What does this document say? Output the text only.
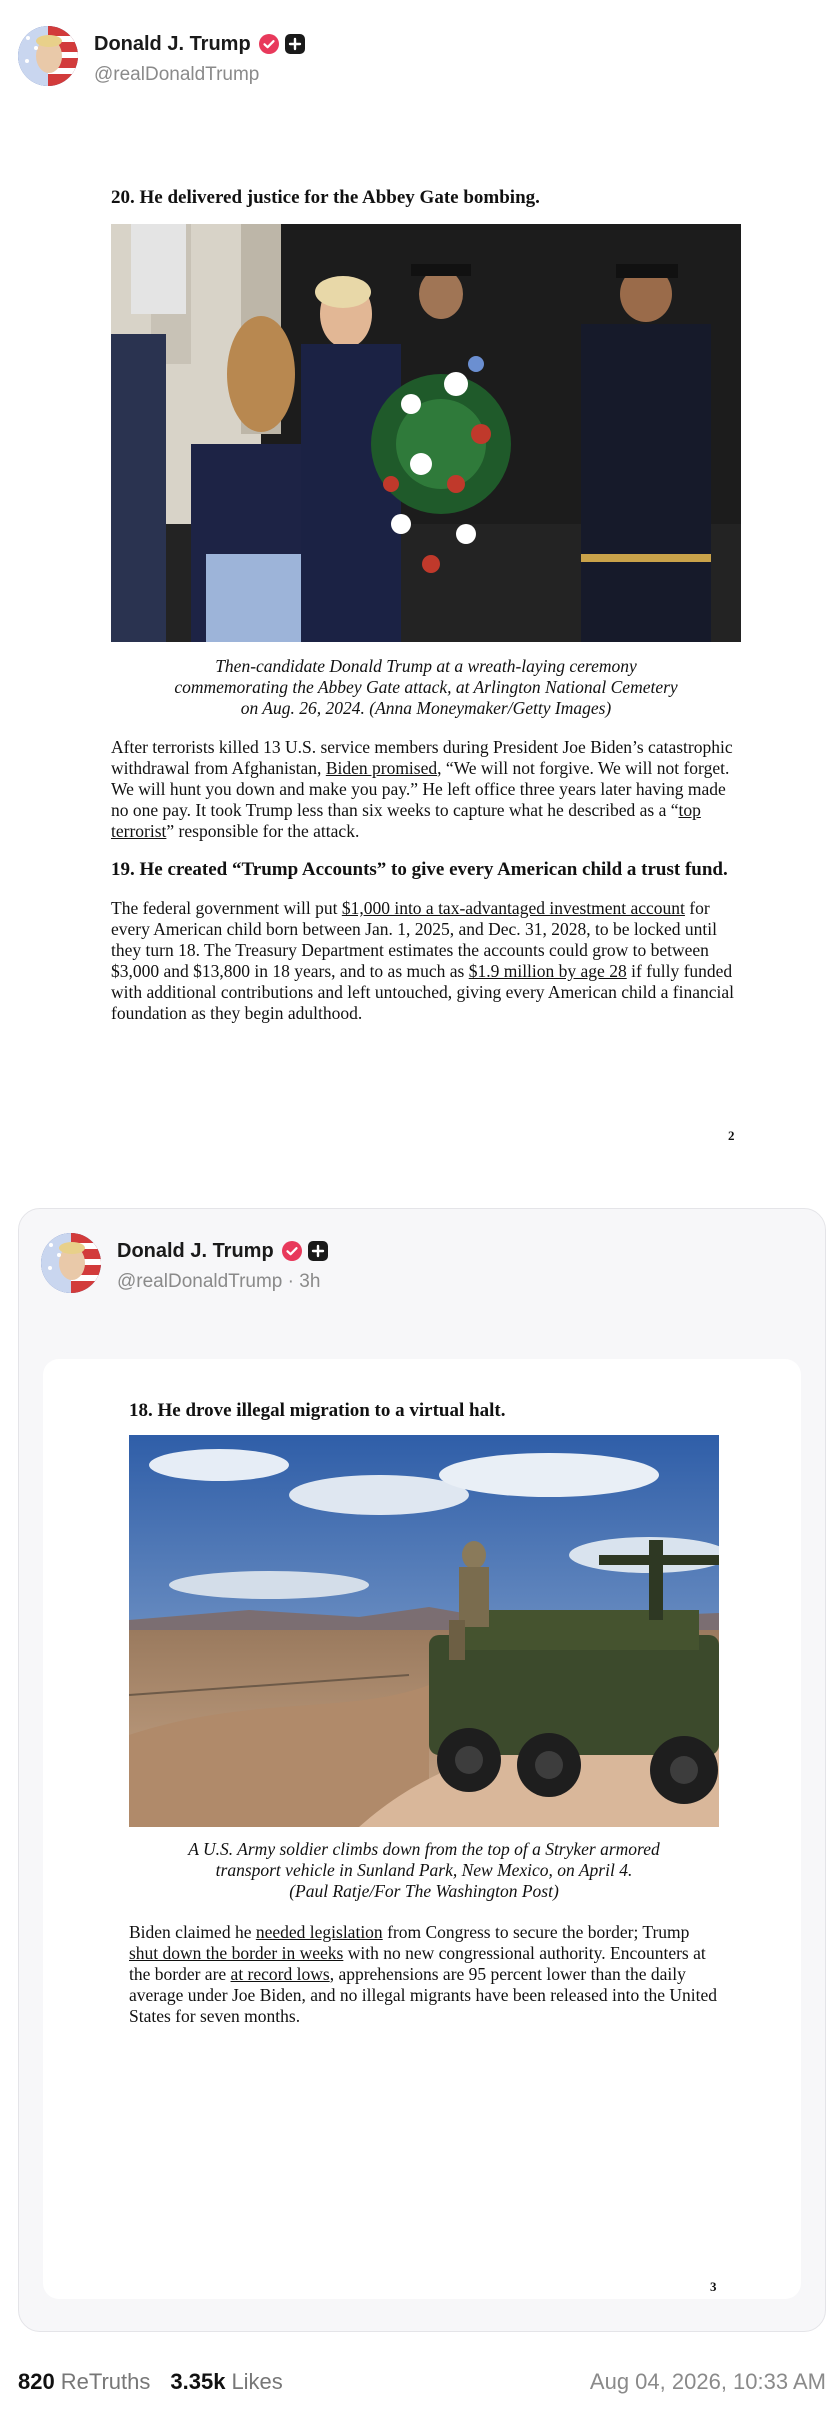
Donald J. Trump
@realDonaldTrump
20. He delivered justice for the Abbey Gate bombing.
Then-candidate Donald Trump at a wreath-laying ceremony
commemorating the Abbey Gate attack, at Arlington National Cemetery
on Aug. 26, 2024. (Anna Moneymaker/Getty Images)

After terrorists killed 13 U.S. service members during President Joe Biden’s catastrophic withdrawal from Afghanistan, Biden promised, “We will not forgive. We will not forget. We will hunt you down and make you pay.” He left office three years later having made no one pay. It took Trump less than six weeks to capture what he described as a “top terrorist” responsible for the attack.

19. He created “Trump Accounts” to give every American child a trust fund.

The federal government will put $1,000 into a tax-advantaged investment account for every American child born between Jan. 1, 2025, and Dec. 31, 2028, to be locked until they turn 18. The Treasury Department estimates the accounts could grow to between $3,000 and $13,800 in 18 years, and to as much as $1.9 million by age 28 if fully funded with additional contributions and left untouched, giving every American child a financial foundation as they begin adulthood.

2
Donald J. Trump
@realDonaldTrump · 3h
18. He drove illegal migration to a virtual halt.
A U.S. Army soldier climbs down from the top of a Stryker armored
transport vehicle in Sunland Park, New Mexico, on April 4.
(Paul Ratje/For The Washington Post)

Biden claimed he needed legislation from Congress to secure the border; Trump shut down the border in weeks with no new congressional authority. Encounters at the border are at record lows, apprehensions are 95 percent lower than the daily average under Joe Biden, and no illegal migrants have been released into the United States for seven months.

3
820 ReTruths 3.35k Likes	Aug 04, 2026, 10:33 AM
